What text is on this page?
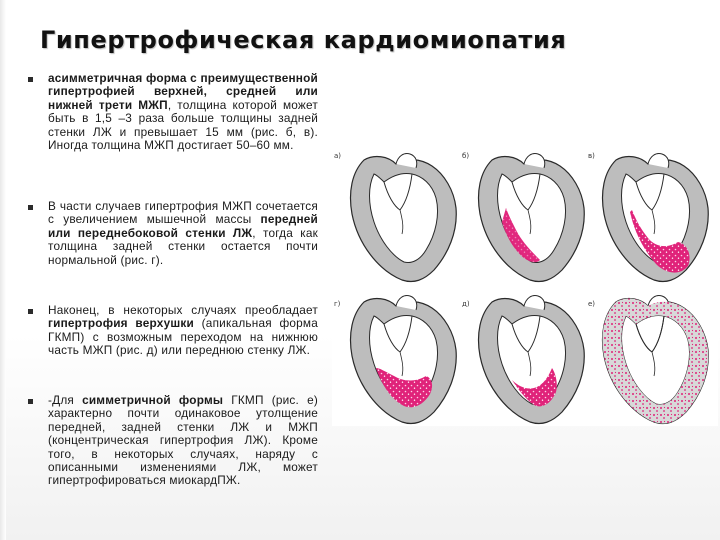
Гипертрофическая кардиомиопатия
асимметричная форма с преимущественной гипертрофией верхней, средней или нижней трети МЖП, толщина которой может быть в 1,5 –3 раза больше толщины задней стенки ЛЖ и превышает 15 мм (рис. б, в). Иногда толщина МЖП достигает 50–60 мм.
В части случаев гипертрофия МЖП сочетается с увеличением мышечной массы передней или переднебоковой стенки ЛЖ, тогда как толщина задней стенки остается почти нормальной (рис. г).
Наконец, в некоторых случаях преобладает гипертрофия верхушки (апикальная форма ГКМП) с возможным переходом на нижнюю часть МЖП (рис. д) или переднюю стенку ЛЖ.
-Для симметричной формы ГКМП (рис. е) характерно почти одинаковое утолщение передней, задней стенки ЛЖ и МЖП (концентрическая гипертрофия ЛЖ). Кроме того, в некоторых случаях, наряду с описанными изменениями ЛЖ, может гипертрофироваться миокардПЖ.
а)	б)	в)
г)	д)	е)
